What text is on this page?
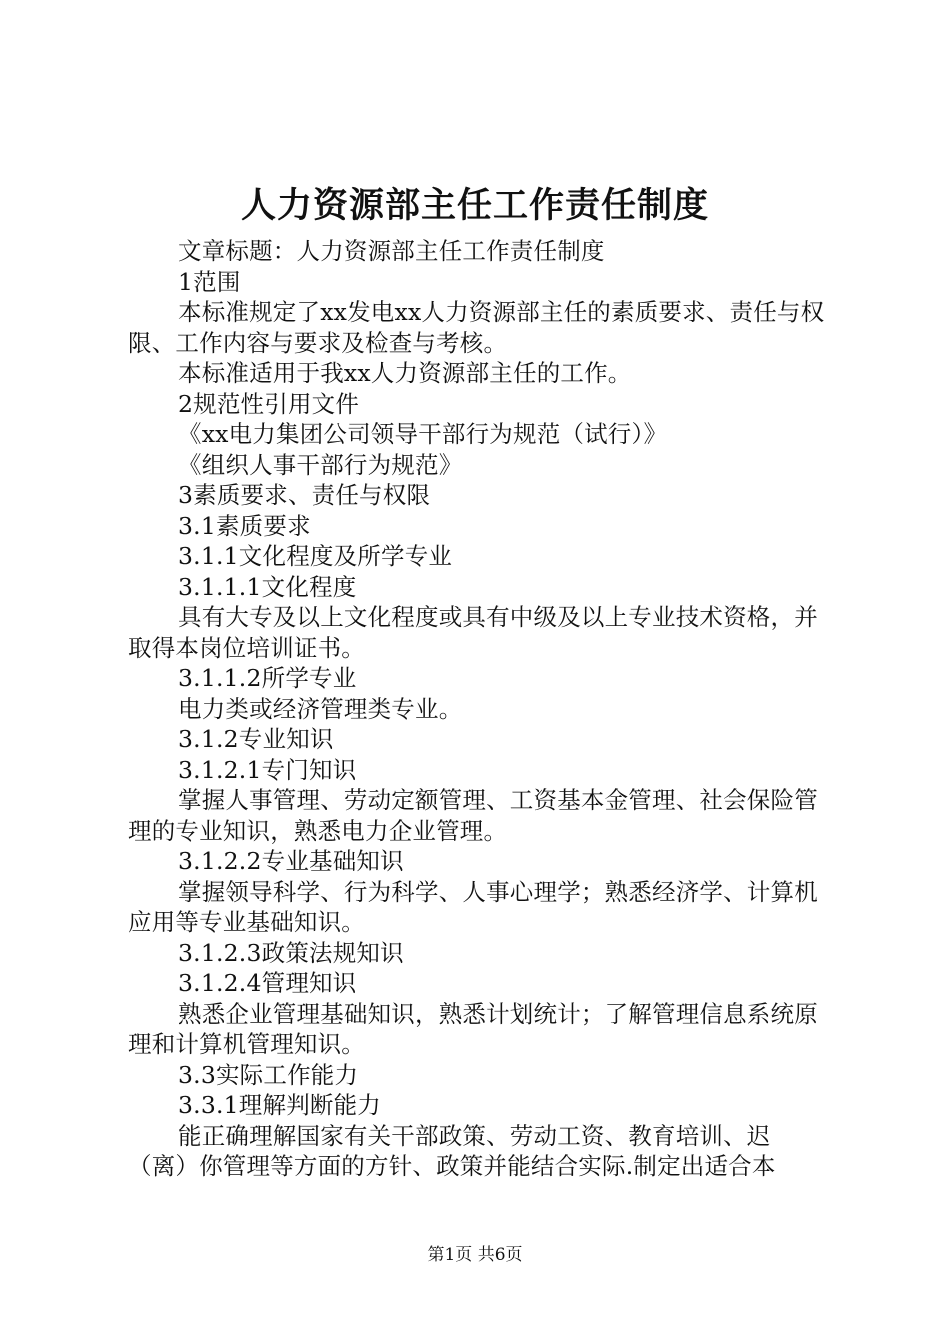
人力资源部主任工作责任制度

文章标题：人力资源部主任工作责任制度

1范围

本标准规定了xx发电xx人力资源部主任的素质要求、责任与权限、工作内容与要求及检查与考核。

本标准适用于我xx人力资源部主任的工作。

2规范性引用文件

《xx电力集团公司领导干部行为规范（试行）》

《组织人事干部行为规范》

3素质要求、责任与权限

3.1素质要求

3.1.1文化程度及所学专业

3.1.1.1文化程度

具有大专及以上文化程度或具有中级及以上专业技术资格，并取得本岗位培训证书。

3.1.1.2所学专业

电力类或经济管理类专业。

3.1.2专业知识

3.1.2.1专门知识

掌握人事管理、劳动定额管理、工资基本金管理、社会保险管理的专业知识，熟悉电力企业管理。

3.1.2.2专业基础知识

掌握领导科学、行为科学、人事心理学；熟悉经济学、计算机应用等专业基础知识。

3.1.2.3政策法规知识

3.1.2.4管理知识

熟悉企业管理基础知识，熟悉计划统计；了解管理信息系统原理和计算机管理知识。

3.3实际工作能力

3.3.1理解判断能力

能正确理解国家有关干部政策、劳动工资、教育培训、迟（离）你管理等方面的方针、政策并能结合实际.制定出适合本

第1页 共6页
